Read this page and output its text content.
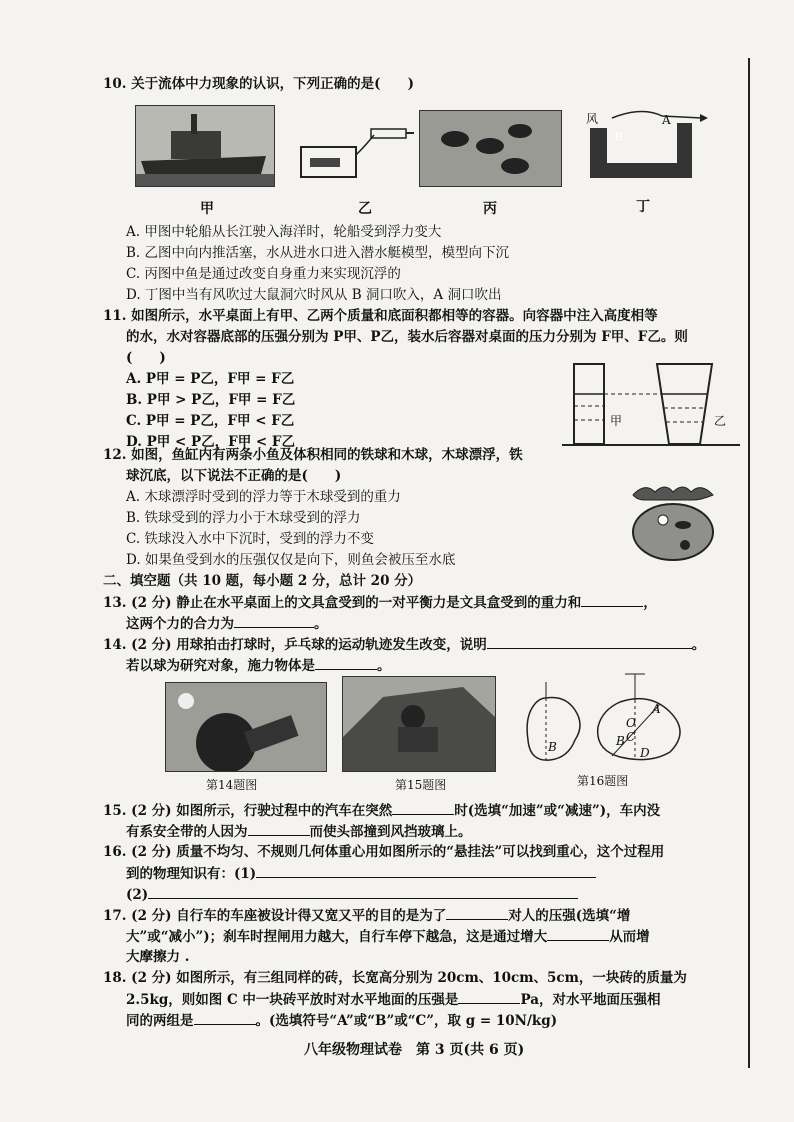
10. 关于流体中力现象的认识，下列正确的是(　　)
风
B
A
甲	乙	丙	丁
A. 甲图中轮船从长江驶入海洋时，轮船受到浮力变大
B. 乙图中向内推活塞，水从进水口进入潜水艇模型，模型向下沉
C. 丙图中鱼是通过改变自身重力来实现沉浮的
D. 丁图中当有风吹过大鼠洞穴时风从 B 洞口吹入，A 洞口吹出
11. 如图所示，水平桌面上有甲、乙两个质量和底面积都相等的容器。向容器中注入高度相等
的水，水对容器底部的压强分别为 P甲、P乙，装水后容器对桌面的压力分别为 F甲、F乙。则
(　　)
A. P甲 = P乙，F甲 = F乙
B. P甲 > P乙，F甲 = F乙
C. P甲 = P乙，F甲 < F乙
D. P甲 < P乙，F甲 < F乙
甲	乙
12. 如图，鱼缸内有两条小鱼及体积相同的铁球和木球，木球漂浮，铁
球沉底，以下说法不正确的是(　　)
A. 木球漂浮时受到的浮力等于木球受到的重力
B. 铁球受到的浮力小于木球受到的浮力
C. 铁球没入水中下沉时，受到的浮力不变
D. 如果鱼受到水的压强仅仅是向下，则鱼会被压至水底
二、填空题（共 10 题，每小题 2 分，总计 20 分）
13. (2 分) 静止在水平桌面上的文具盒受到的一对平衡力是文具盒受到的重力和	，
这两个力的合力为	。
14. (2 分) 用球拍击打球时，乒乓球的运动轨迹发生改变，说明	。
若以球为研究对象，施力物体是	。
B
A
O
C
B
D
第14题图	第15题图	第16题图
15. (2 分) 如图所示，行驶过程中的汽车在突然	时(选填“加速”或“减速”)，车内没
有系安全带的人因为	而使头部撞到风挡玻璃上。
16. (2 分) 质量不均匀、不规则几何体重心用如图所示的“悬挂法”可以找到重心，这个过程用
到的物理知识有：(1)
(2)
17. (2 分) 自行车的车座被设计得又宽又平的目的是为了	对人的压强(选填“增
大”或“减小”)；刹车时捏闸用力越大，自行车停下越急，这是通过增大	从而增
大摩擦力 .
18. (2 分) 如图所示，有三组同样的砖，长宽高分别为 20cm、10cm、5cm，一块砖的质量为
2.5kg，则如图 C 中一块砖平放时对水平地面的压强是	Pa，对水平地面压强相
同的两组是	。(选填符号“A”或“B”或“C”，取 g = 10N/kg)
八年级物理试卷　第 3 页(共 6 页)
